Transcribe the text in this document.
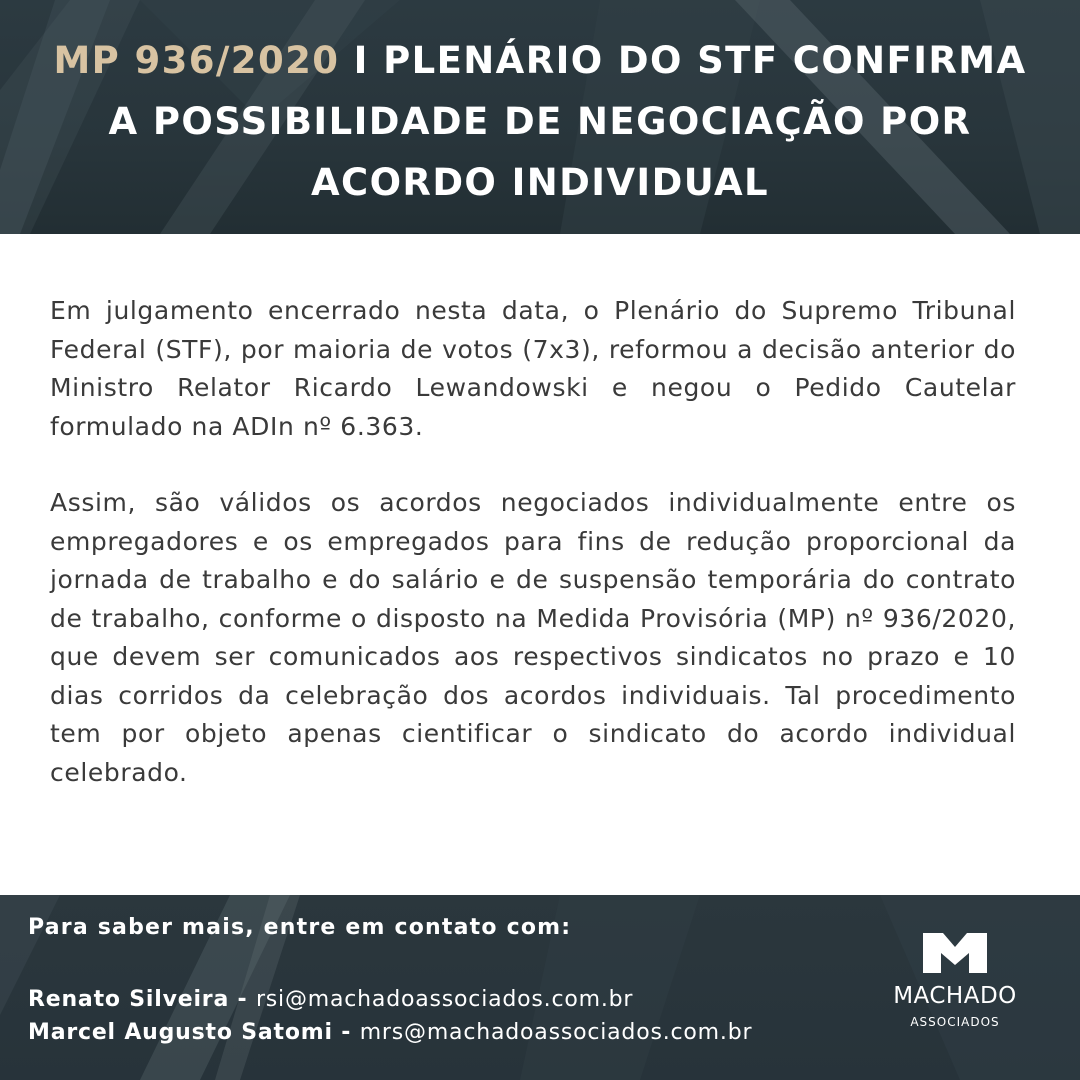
MP 936/2020 I PLENÁRIO DO STF CONFIRMA A POSSIBILIDADE DE NEGOCIAÇÃO POR ACORDO INDIVIDUAL

Em julgamento encerrado nesta data, o Plenário do Supremo Tribunal Federal (STF), por maioria de votos (7x3), reformou a decisão anterior do Ministro Relator Ricardo Lewandowski e negou o Pedido Cautelar formulado na ADIn nº 6.363.

Assim, são válidos os acordos negociados individualmente entre os empregadores e os empregados para fins de redução proporcional da jornada de trabalho e do salário e de suspensão temporária do contrato de trabalho, conforme o disposto na Medida Provisória (MP) nº 936/2020, que devem ser comunicados aos respectivos sindicatos no prazo e 10 dias corridos da celebração dos acordos individuais. Tal procedimento tem por objeto apenas cientificar o sindicato do acordo individual celebrado.

Para saber mais, entre em contato com:
Renato Silveira - rsi@machadoassociados.com.br
Marcel Augusto Satomi - mrs@machadoassociados.com.br
MACHADO
ASSOCIADOS
